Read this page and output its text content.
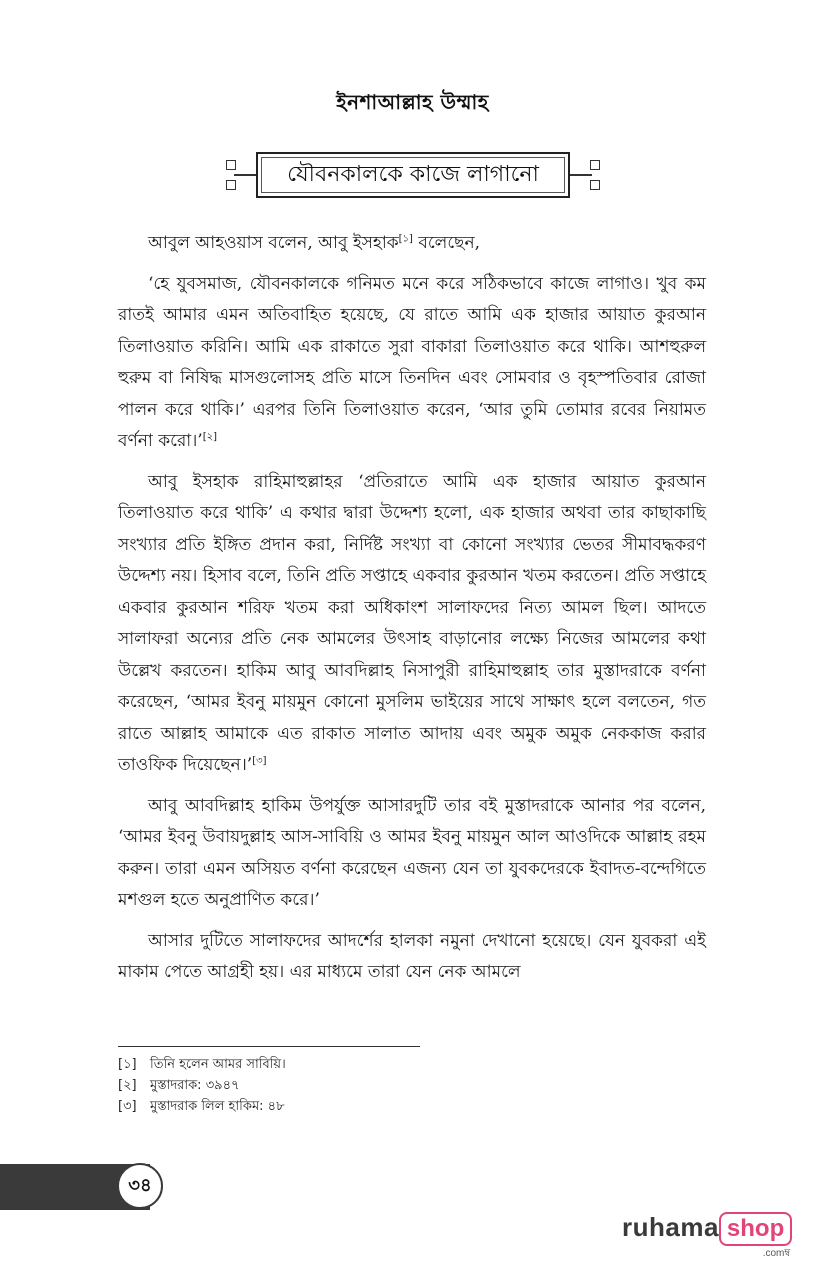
ইনশাআল্লাহ উম্মাহ
যৌবনকালকে কাজে লাগানো

আবুল আহওয়াস বলেন, আবু ইসহাক[১] বলেছেন,

‘হে যুবসমাজ, যৌবনকালকে গনিমত মনে করে সঠিকভাবে কাজে লাগাও। খুব কম রাতই আমার এমন অতিবাহিত হয়েছে, যে রাতে আমি এক হাজার আয়াত কুরআন তিলাওয়াত করিনি। আমি এক রাকাতে সুরা বাকারা তিলাওয়াত করে থাকি। আশহুরুল হুরুম বা নিষিদ্ধ মাসগুলোসহ প্রতি মাসে তিনদিন এবং সোমবার ও বৃহস্পতিবার রোজা পালন করে থাকি।’ এরপর তিনি তিলাওয়াত করেন, ‘আর তুমি তোমার রবের নিয়ামত বর্ণনা করো।’[২]

আবু ইসহাক রাহিমাহুল্লাহর ‘প্রতিরাতে আমি এক হাজার আয়াত কুরআন তিলাওয়াত করে থাকি’ এ কথার দ্বারা উদ্দেশ্য হলো, এক হাজার অথবা তার কাছাকাছি সংখ্যার প্রতি ইঙ্গিত প্রদান করা, নির্দিষ্ট সংখ্যা বা কোনো সংখ্যার ভেতর সীমাবদ্ধকরণ উদ্দেশ্য নয়। হিসাব বলে, তিনি প্রতি সপ্তাহে একবার কুরআন খতম করতেন। প্রতি সপ্তাহে একবার কুরআন শরিফ খতম করা অধিকাংশ সালাফদের নিত্য আমল ছিল। আদতে সালাফরা অন্যের প্রতি নেক আমলের উৎসাহ বাড়ানোর লক্ষ্যে নিজের আমলের কথা উল্লেখ করতেন। হাকিম আবু আবদিল্লাহ নিসাপুরী রাহিমাহুল্লাহ তার মুস্তাদরাকে বর্ণনা করেছেন, ‘আমর ইবনু মায়মুন কোনো মুসলিম ভাইয়ের সাথে সাক্ষাৎ হলে বলতেন, গত রাতে আল্লাহ আমাকে এত রাকাত সালাত আদায় এবং অমুক অমুক নেককাজ করার তাওফিক দিয়েছেন।’[৩]

আবু আবদিল্লাহ হাকিম উপর্যুক্ত আসারদুটি তার বই মুস্তাদরাকে আনার পর বলেন, ‘আমর ইবনু উবায়দুল্লাহ আস-সাবিয়ি ও আমর ইবনু মায়মুন আল আওদিকে আল্লাহ রহম করুন। তারা এমন অসিয়ত বর্ণনা করেছেন এজন্য যেন তা যুবকদেরকে ইবাদত-বন্দেগিতে মশগুল হতে অনুপ্রাণিত করে।’

আসার দুটিতে সালাফদের আদর্শের হালকা নমুনা দেখানো হয়েছে। যেন যুবকরা এই মাকাম পেতে আগ্রহী হয়। এর মাধ্যমে তারা যেন নেক আমলে

[১]	তিনি হলেন আমর সাবিয়ি।
[২]	মুস্তাদরাক: ৩৯৪৭
[৩]	মুস্তাদরাক লিল হাকিম: ৪৮
৩৪
ruhama shop
.comম্ব
